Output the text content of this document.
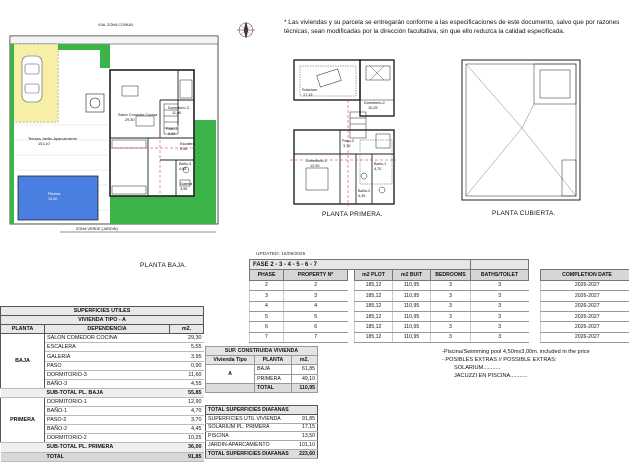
VIAL ZONA COMUN
ZONA VERDE (JARDIN)
PLANTA BAJA.
PLANTA PRIMERA.	PLANTA CUBIERTA.
Salon Comedor Cocina
29,30
Dormitorio-3
11,60
Terraza-Jardin-Aparcamiento
101,10
Piscina
13,50
Paso-1
0,90
Escalera
5,55
Baño-3
4,55
Galeria
3,95
Solarium
17,15
Dormitorio-2
10,25
Dormitorio-1
12,90
Paso-2
3,70
Baño-1
4,70
Baño-2
4,45

* Las viviendas y su parcela se entregarán conforme a las especificaciones de este documento, salvo que por razones técnicas, sean modificadas por la dirección facultativa, sin que ello reduzca la calidad especificada.

SUPERFICIES UTILES		
VIVIENDA TIPO - A		
PLANTA	DEPENDENCIA	m2.
BAJA	SALON COMEDOR COCINA	29,30
	ESCALERA	5,55
	GALERIA	3,95
	PASO	0,90
	DORMITORIO-3	11,60
	BAÑO-3	4,55
	SUB-TOTAL PL. BAJA	55,85
PRIMERA	DORMITORIO-1	12,90
	BAÑO-1	4,70
	PASO-2	3,70
	BAÑO-2	4,45
	DORMITORIO-2	10,25
	SUB-TOTAL PL. PRIMERA	36,00
	TOTAL	91,85
SUP. CONSTRUIDA VIVIENDA		
Vivienda Tipo	PLANTA	m2.
A	BAJA	61,85
	PRIMERA	49,10
	TOTAL	110,95
TOTAL SUPERFICIES DIAFANAS	
SUPERFICIES UTIL VIVIENDA	91,85
SOLARIUM PL. PRIMERA	17,15
PISCINA	13,50
JARDIN-APARCAMIENTO	101,10
TOTAL SUPERFICIES DIAFANAS	223,60
UPDATED: 15/09/2025
FASE 2 - 3 - 4 - 5 - 6 - 7								
PHASE	PROPERTY Nº		m2 PLOT	m2 BUIT	BEDROOMS	BATHS/TOILET		COMPLETION DATE
2	2		185,12	110,95	3	3		2026-2027
3	3		185,12	110,95	3	3		2026-2027
4	4		185,12	110,95	3	3		2026-2027
5	5		185,12	110,95	3	3		2026-2027
6	6		185,12	110,95	3	3		2026-2027
7	7		185,12	110,95	3	3		2026-2027
-Piscina/Swimming pool 4,50mx3,00m. included in the price
- POSIBLES EXTRAS // POSSIBLE EXTRAS:
SOLARIUM...........
JACUZZI EN PISCINA...........
